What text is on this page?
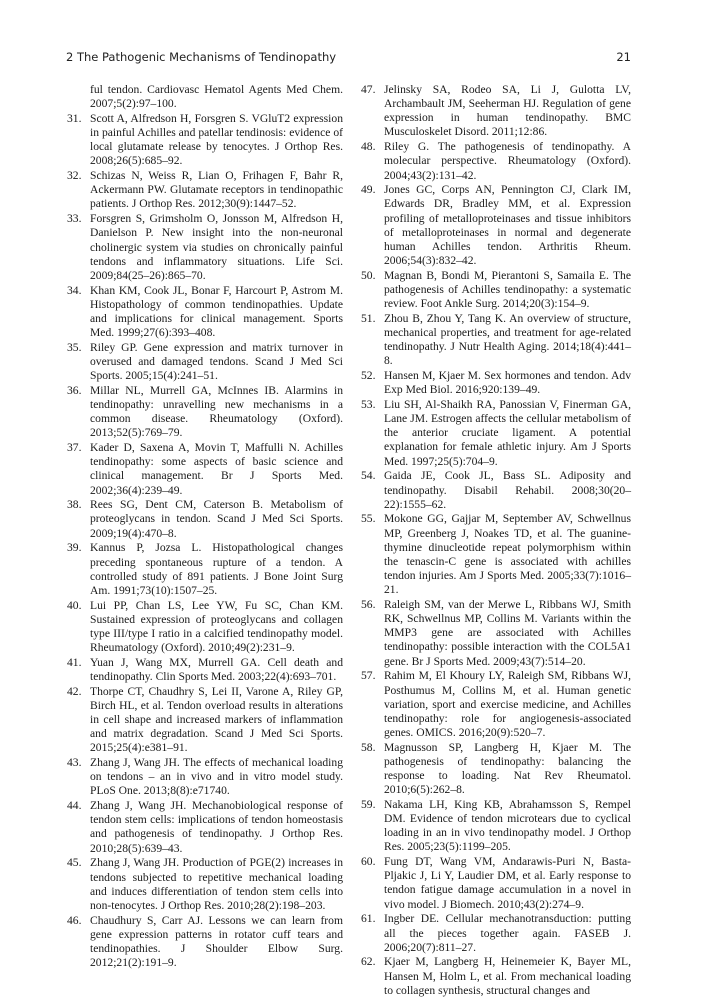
2 The Pathogenic Mechanisms of Tendinopathy	21
ful tendon. Cardiovasc Hematol Agents Med Chem. 2007;5(2):97–100.
31. Scott A, Alfredson H, Forsgren S. VGluT2 expression in painful Achilles and patellar tendinosis: evidence of local glutamate release by tenocytes. J Orthop Res. 2008;26(5):685–92.
32. Schizas N, Weiss R, Lian O, Frihagen F, Bahr R, Ackermann PW. Glutamate receptors in tendinopathic patients. J Orthop Res. 2012;30(9):1447–52.
33. Forsgren S, Grimsholm O, Jonsson M, Alfredson H, Danielson P. New insight into the non-neuronal cholinergic system via studies on chronically painful tendons and inflammatory situations. Life Sci. 2009;84(25–26):865–70.
34. Khan KM, Cook JL, Bonar F, Harcourt P, Astrom M. Histopathology of common tendinopathies. Update and implications for clinical management. Sports Med. 1999;27(6):393–408.
35. Riley GP. Gene expression and matrix turnover in overused and damaged tendons. Scand J Med Sci Sports. 2005;15(4):241–51.
36. Millar NL, Murrell GA, McInnes IB. Alarmins in tendinopathy: unravelling new mechanisms in a common disease. Rheumatology (Oxford). 2013;52(5):769–79.
37. Kader D, Saxena A, Movin T, Maffulli N. Achilles tendinopathy: some aspects of basic science and clinical management. Br J Sports Med. 2002;36(4):239–49.
38. Rees SG, Dent CM, Caterson B. Metabolism of proteoglycans in tendon. Scand J Med Sci Sports. 2009;19(4):470–8.
39. Kannus P, Jozsa L. Histopathological changes preceding spontaneous rupture of a tendon. A controlled study of 891 patients. J Bone Joint Surg Am. 1991;73(10):1507–25.
40. Lui PP, Chan LS, Lee YW, Fu SC, Chan KM. Sustained expression of proteoglycans and collagen type III/type I ratio in a calcified tendinopathy model. Rheumatology (Oxford). 2010;49(2):231–9.
41. Yuan J, Wang MX, Murrell GA. Cell death and tendinopathy. Clin Sports Med. 2003;22(4):693–701.
42. Thorpe CT, Chaudhry S, Lei II, Varone A, Riley GP, Birch HL, et al. Tendon overload results in alterations in cell shape and increased markers of inflammation and matrix degradation. Scand J Med Sci Sports. 2015;25(4):e381–91.
43. Zhang J, Wang JH. The effects of mechanical loading on tendons – an in vivo and in vitro model study. PLoS One. 2013;8(8):e71740.
44. Zhang J, Wang JH. Mechanobiological response of tendon stem cells: implications of tendon homeostasis and pathogenesis of tendinopathy. J Orthop Res. 2010;28(5):639–43.
45. Zhang J, Wang JH. Production of PGE(2) increases in tendons subjected to repetitive mechanical loading and induces differentiation of tendon stem cells into non-tenocytes. J Orthop Res. 2010;28(2):198–203.
46. Chaudhury S, Carr AJ. Lessons we can learn from gene expression patterns in rotator cuff tears and tendinopathies. J Shoulder Elbow Surg. 2012;21(2):191–9.
47. Jelinsky SA, Rodeo SA, Li J, Gulotta LV, Archambault JM, Seeherman HJ. Regulation of gene expression in human tendinopathy. BMC Musculoskelet Disord. 2011;12:86.
48. Riley G. The pathogenesis of tendinopathy. A molecular perspective. Rheumatology (Oxford). 2004;43(2):131–42.
49. Jones GC, Corps AN, Pennington CJ, Clark IM, Edwards DR, Bradley MM, et al. Expression profiling of metalloproteinases and tissue inhibitors of metalloproteinases in normal and degenerate human Achilles tendon. Arthritis Rheum. 2006;54(3):832–42.
50. Magnan B, Bondi M, Pierantoni S, Samaila E. The pathogenesis of Achilles tendinopathy: a systematic review. Foot Ankle Surg. 2014;20(3):154–9.
51. Zhou B, Zhou Y, Tang K. An overview of structure, mechanical properties, and treatment for age-related tendinopathy. J Nutr Health Aging. 2014;18(4):441–8.
52. Hansen M, Kjaer M. Sex hormones and tendon. Adv Exp Med Biol. 2016;920:139–49.
53. Liu SH, Al-Shaikh RA, Panossian V, Finerman GA, Lane JM. Estrogen affects the cellular metabolism of the anterior cruciate ligament. A potential explanation for female athletic injury. Am J Sports Med. 1997;25(5):704–9.
54. Gaida JE, Cook JL, Bass SL. Adiposity and tendinopathy. Disabil Rehabil. 2008;30(20–22):1555–62.
55. Mokone GG, Gajjar M, September AV, Schwellnus MP, Greenberg J, Noakes TD, et al. The guanine-thymine dinucleotide repeat polymorphism within the tenascin-C gene is associated with achilles tendon injuries. Am J Sports Med. 2005;33(7):1016–21.
56. Raleigh SM, van der Merwe L, Ribbans WJ, Smith RK, Schwellnus MP, Collins M. Variants within the MMP3 gene are associated with Achilles tendinopathy: possible interaction with the COL5A1 gene. Br J Sports Med. 2009;43(7):514–20.
57. Rahim M, El Khoury LY, Raleigh SM, Ribbans WJ, Posthumus M, Collins M, et al. Human genetic variation, sport and exercise medicine, and Achilles tendinopathy: role for angiogenesis-associated genes. OMICS. 2016;20(9):520–7.
58. Magnusson SP, Langberg H, Kjaer M. The pathogenesis of tendinopathy: balancing the response to loading. Nat Rev Rheumatol. 2010;6(5):262–8.
59. Nakama LH, King KB, Abrahamsson S, Rempel DM. Evidence of tendon microtears due to cyclical loading in an in vivo tendinopathy model. J Orthop Res. 2005;23(5):1199–205.
60. Fung DT, Wang VM, Andarawis-Puri N, Basta-Pljakic J, Li Y, Laudier DM, et al. Early response to tendon fatigue damage accumulation in a novel in vivo model. J Biomech. 2010;43(2):274–9.
61. Ingber DE. Cellular mechanotransduction: putting all the pieces together again. FASEB J. 2006;20(7):811–27.
62. Kjaer M, Langberg H, Heinemeier K, Bayer ML, Hansen M, Holm L, et al. From mechanical loading to collagen synthesis, structural changes and
